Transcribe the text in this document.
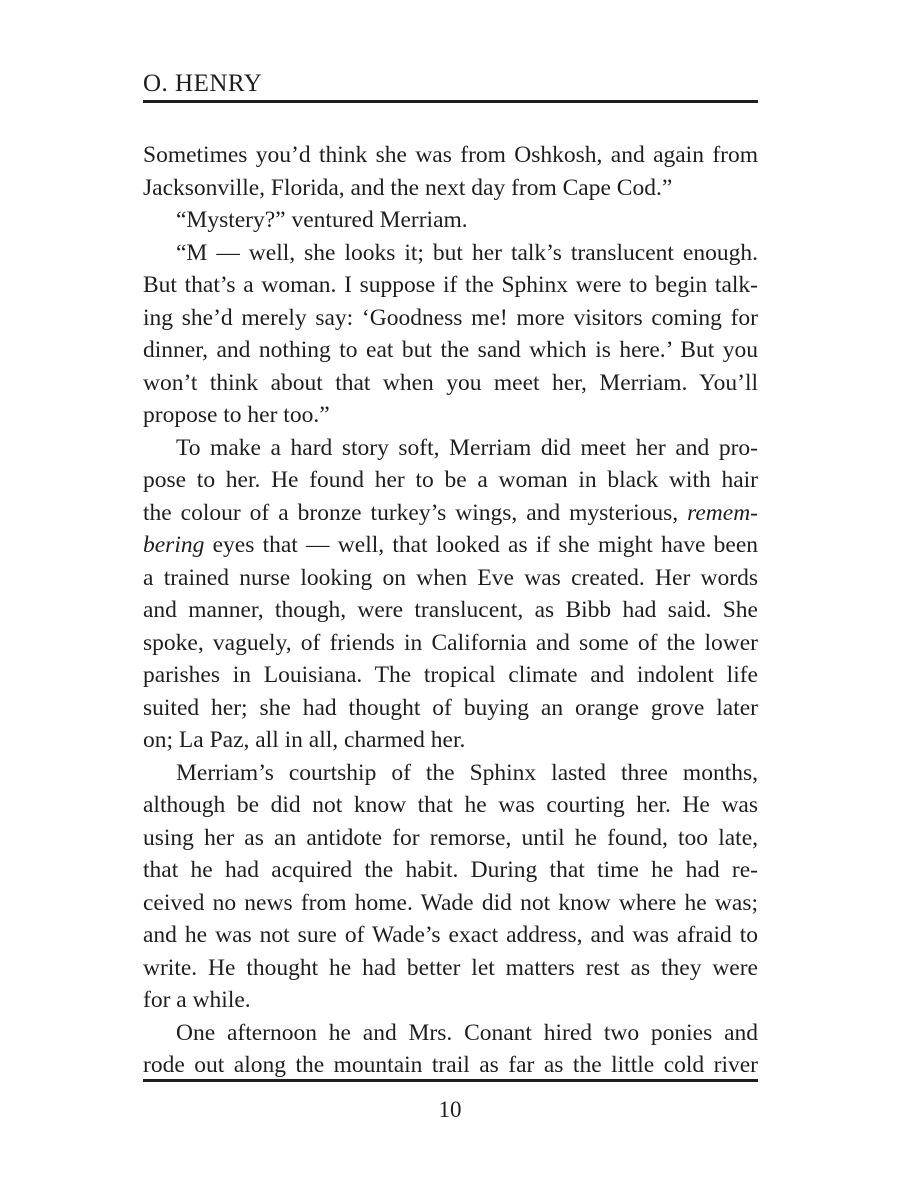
O. HENRY
Sometimes you’d think she was from Oshkosh, and again from
Jacksonville, Florida, and the next day from Cape Cod.”
“Mystery?” ventured Merriam.
“M — well, she looks it; but her talk’s translucent enough.
But that’s a woman. I suppose if the Sphinx were to begin talk-
ing she’d merely say: ‘Goodness me! more visitors coming for
dinner, and nothing to eat but the sand which is here.’ But you
won’t think about that when you meet her, Merriam. You’ll
propose to her too.”
To make a hard story soft, Merriam did meet her and pro-
pose to her. He found her to be a woman in black with hair
the colour of a bronze turkey’s wings, and mysterious, remem-
bering eyes that — well, that looked as if she might have been
a trained nurse looking on when Eve was created. Her words
and manner, though, were translucent, as Bibb had said. She
spoke, vaguely, of friends in California and some of the lower
parishes in Louisiana. The tropical climate and indolent life
suited her; she had thought of buying an orange grove later
on; La Paz, all in all, charmed her.
Merriam’s courtship of the Sphinx lasted three months,
although be did not know that he was courting her. He was
using her as an antidote for remorse, until he found, too late,
that he had acquired the habit. During that time he had re-
ceived no news from home. Wade did not know where he was;
and he was not sure of Wade’s exact address, and was afraid to
write. He thought he had better let matters rest as they were
for a while.
One afternoon he and Mrs. Conant hired two ponies and
rode out along the mountain trail as far as the little cold river
10
